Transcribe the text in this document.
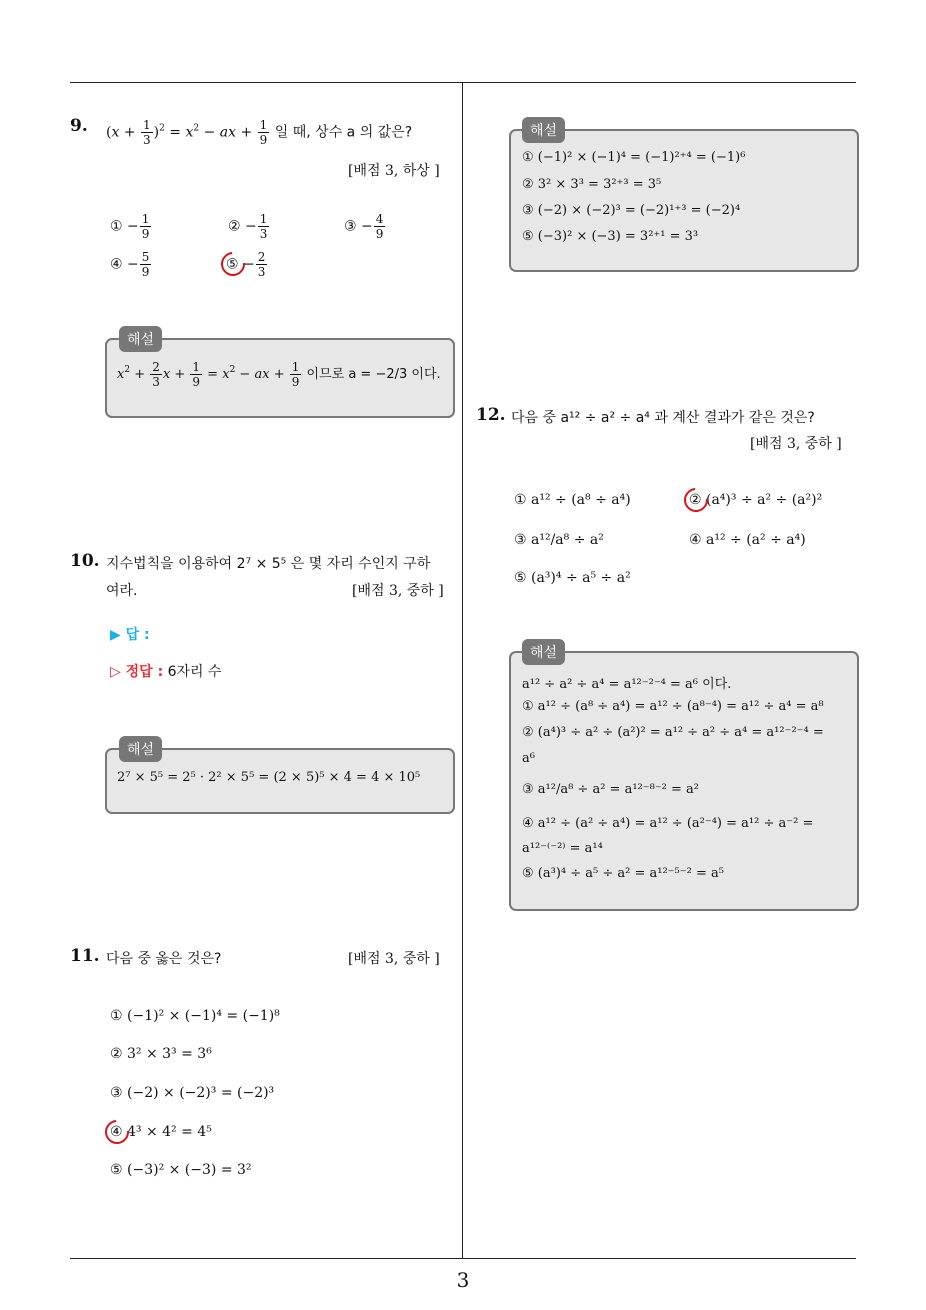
9. $(x + \frac{1}{3} )^2 = x^2$ − ax + $\frac{1}{9}$ 일 때, 상수 a 의 값은?
[배점 3, 하상 ]
① − $\frac{1}{9}$	② − $\frac{1}{3}$	③ − $\frac{4}{9}$
④ − $\frac{5}{9}$	⑤ − $\frac{2}{3}$
해설
$x^2 + \frac{2}{3}$ $x + \frac{1}{9} = x^2$ − ax + $\frac{1}{9}$ 이므로 a = −2/3 이다.
10. 지수법칙을 이용하여 2⁷ × 5⁵ 은 몇 자리 수인지 구하
여라.	[배점 3, 중하 ]
▶ 답 :
▷ 정답 : 6자리 수
해설
2⁷ × 5⁵ = 2⁵ · 2² × 5⁵ = (2 × 5)⁵ × 4 = 4 × 10⁵
11. 다음 중 옳은 것은?	[배점 3, 중하 ]
① (−1)² × (−1)⁴ = (−1)⁸
② 3² × 3³ = 3⁶
③ (−2) × (−2)³ = (−2)³
④ 4³ × 4² = 4⁵
⑤ (−3)² × (−3) = 3²
해설
① (−1)² × (−1)⁴ = (−1)²⁺⁴ = (−1)⁶
② 3² × 3³ = 3²⁺³ = 3⁵
③ (−2) × (−2)³ = (−2)¹⁺³ = (−2)⁴
⑤ (−3)² × (−3) = 3²⁺¹ = 3³
12. 다음 중 a¹² ÷ a² ÷ a⁴ 과 계산 결과가 같은 것은?
[배점 3, 중하 ]
① a¹² ÷ (a⁸ ÷ a⁴)	② (a⁴)³ ÷ a² ÷ (a²)²
③ a¹²/a⁸ ÷ a²	④ a¹² ÷ (a² ÷ a⁴)
⑤ (a³)⁴ ÷ a⁵ ÷ a²
해설
a¹² ÷ a² ÷ a⁴ = a¹²⁻²⁻⁴ = a⁶ 이다.
① a¹² ÷ (a⁸ ÷ a⁴) = a¹² ÷ (a⁸⁻⁴) = a¹² ÷ a⁴ = a⁸
② (a⁴)³ ÷ a² ÷ (a²)² = a¹² ÷ a² ÷ a⁴ = a¹²⁻²⁻⁴ =
a⁶
③ a¹²/a⁸ ÷ a² = a¹²⁻⁸⁻² = a²
④ a¹² ÷ (a² ÷ a⁴) = a¹² ÷ (a²⁻⁴) = a¹² ÷ a⁻² =
a¹²⁻⁽⁻²⁾ = a¹⁴
⑤ (a³)⁴ ÷ a⁵ ÷ a² = a¹²⁻⁵⁻² = a⁵
3
